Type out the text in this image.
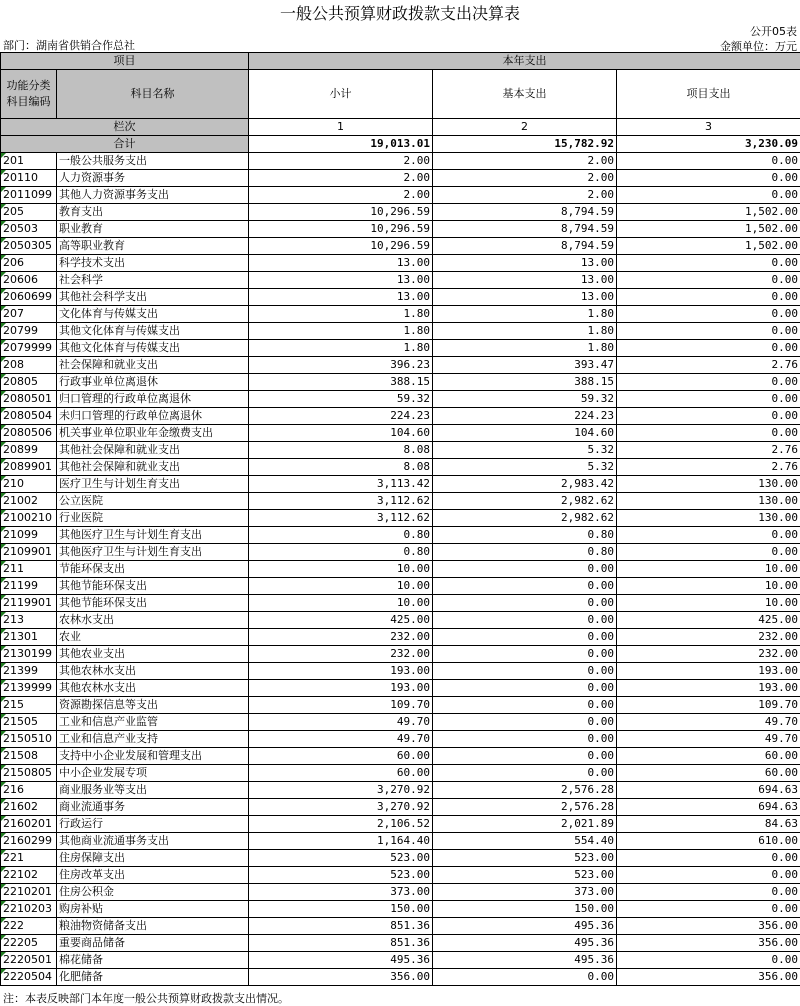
一般公共预算财政拨款支出决算表
公开05表
部门：湖南省供销合作总社	金额单位：万元
项目		本年支出		
功能分类科目编码	科目名称	小计	基本支出	项目支出
栏次		1	2	3
合计		19,013.01	15,782.92	3,230.09
201	一般公共服务支出	2.00	2.00	0.00
20110	人力资源事务	2.00	2.00	0.00
2011099	其他人力资源事务支出	2.00	2.00	0.00
205	教育支出	10,296.59	8,794.59	1,502.00
20503	职业教育	10,296.59	8,794.59	1,502.00
2050305	高等职业教育	10,296.59	8,794.59	1,502.00
206	科学技术支出	13.00	13.00	0.00
20606	社会科学	13.00	13.00	0.00
2060699	其他社会科学支出	13.00	13.00	0.00
207	文化体育与传媒支出	1.80	1.80	0.00
20799	其他文化体育与传媒支出	1.80	1.80	0.00
2079999	其他文化体育与传媒支出	1.80	1.80	0.00
208	社会保障和就业支出	396.23	393.47	2.76
20805	行政事业单位离退休	388.15	388.15	0.00
2080501	归口管理的行政单位离退休	59.32	59.32	0.00
2080504	未归口管理的行政单位离退休	224.23	224.23	0.00
2080506	机关事业单位职业年金缴费支出	104.60	104.60	0.00
20899	其他社会保障和就业支出	8.08	5.32	2.76
2089901	其他社会保障和就业支出	8.08	5.32	2.76
210	医疗卫生与计划生育支出	3,113.42	2,983.42	130.00
21002	公立医院	3,112.62	2,982.62	130.00
2100210	行业医院	3,112.62	2,982.62	130.00
21099	其他医疗卫生与计划生育支出	0.80	0.80	0.00
2109901	其他医疗卫生与计划生育支出	0.80	0.80	0.00
211	节能环保支出	10.00	0.00	10.00
21199	其他节能环保支出	10.00	0.00	10.00
2119901	其他节能环保支出	10.00	0.00	10.00
213	农林水支出	425.00	0.00	425.00
21301	农业	232.00	0.00	232.00
2130199	其他农业支出	232.00	0.00	232.00
21399	其他农林水支出	193.00	0.00	193.00
2139999	其他农林水支出	193.00	0.00	193.00
215	资源勘探信息等支出	109.70	0.00	109.70
21505	工业和信息产业监管	49.70	0.00	49.70
2150510	工业和信息产业支持	49.70	0.00	49.70
21508	支持中小企业发展和管理支出	60.00	0.00	60.00
2150805	中小企业发展专项	60.00	0.00	60.00
216	商业服务业等支出	3,270.92	2,576.28	694.63
21602	商业流通事务	3,270.92	2,576.28	694.63
2160201	行政运行	2,106.52	2,021.89	84.63
2160299	其他商业流通事务支出	1,164.40	554.40	610.00
221	住房保障支出	523.00	523.00	0.00
22102	住房改革支出	523.00	523.00	0.00
2210201	住房公积金	373.00	373.00	0.00
2210203	购房补贴	150.00	150.00	0.00
222	粮油物资储备支出	851.36	495.36	356.00
22205	重要商品储备	851.36	495.36	356.00
2220501	棉花储备	495.36	495.36	0.00
2220504	化肥储备	356.00	0.00	356.00
注：本表反映部门本年度一般公共预算财政拨款支出情况。
